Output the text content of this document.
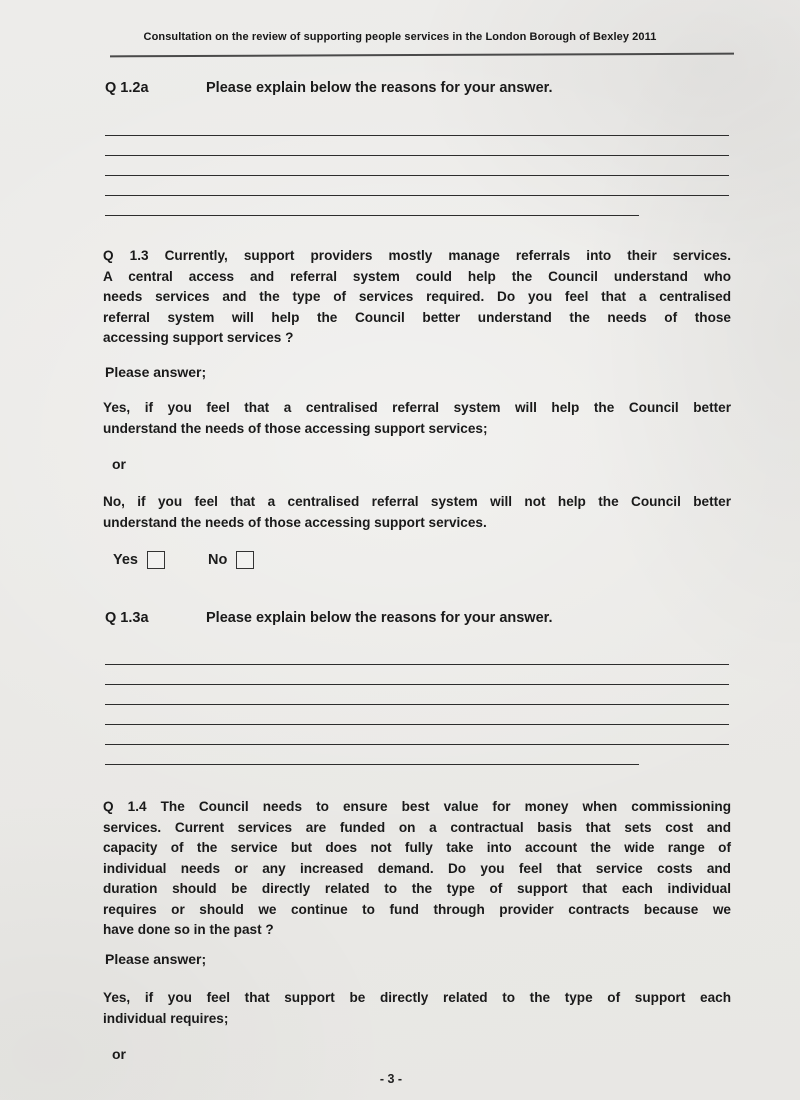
Consultation on the review of supporting people services in the London Borough of Bexley 2011
Q 1.2a	Please explain below the reasons for your answer.
Q 1.3 Currently, support providers mostly manage referrals into their services.
A central access and referral system could help the Council understand who
needs services and the type of services required. Do you feel that a centralised
referral system will help the Council better understand the needs of those
accessing support services ?
Please answer;
Yes, if you feel that a centralised referral system will help the Council better
understand the needs of those accessing support services;
or
No, if you feel that a centralised referral system will not help the Council better
understand the needs of those accessing support services.
Yes	No
Q 1.3a	Please explain below the reasons for your answer.
Q 1.4 The Council needs to ensure best value for money when commissioning
services. Current services are funded on a contractual basis that sets cost and
capacity of the service but does not fully take into account the wide range of
individual needs or any increased demand. Do you feel that service costs and
duration should be directly related to the type of support that each individual
requires or should we continue to fund through provider contracts because we
have done so in the past ?
Please answer;
Yes, if you feel that support be directly related to the type of support each
individual requires;
or
- 3 -
